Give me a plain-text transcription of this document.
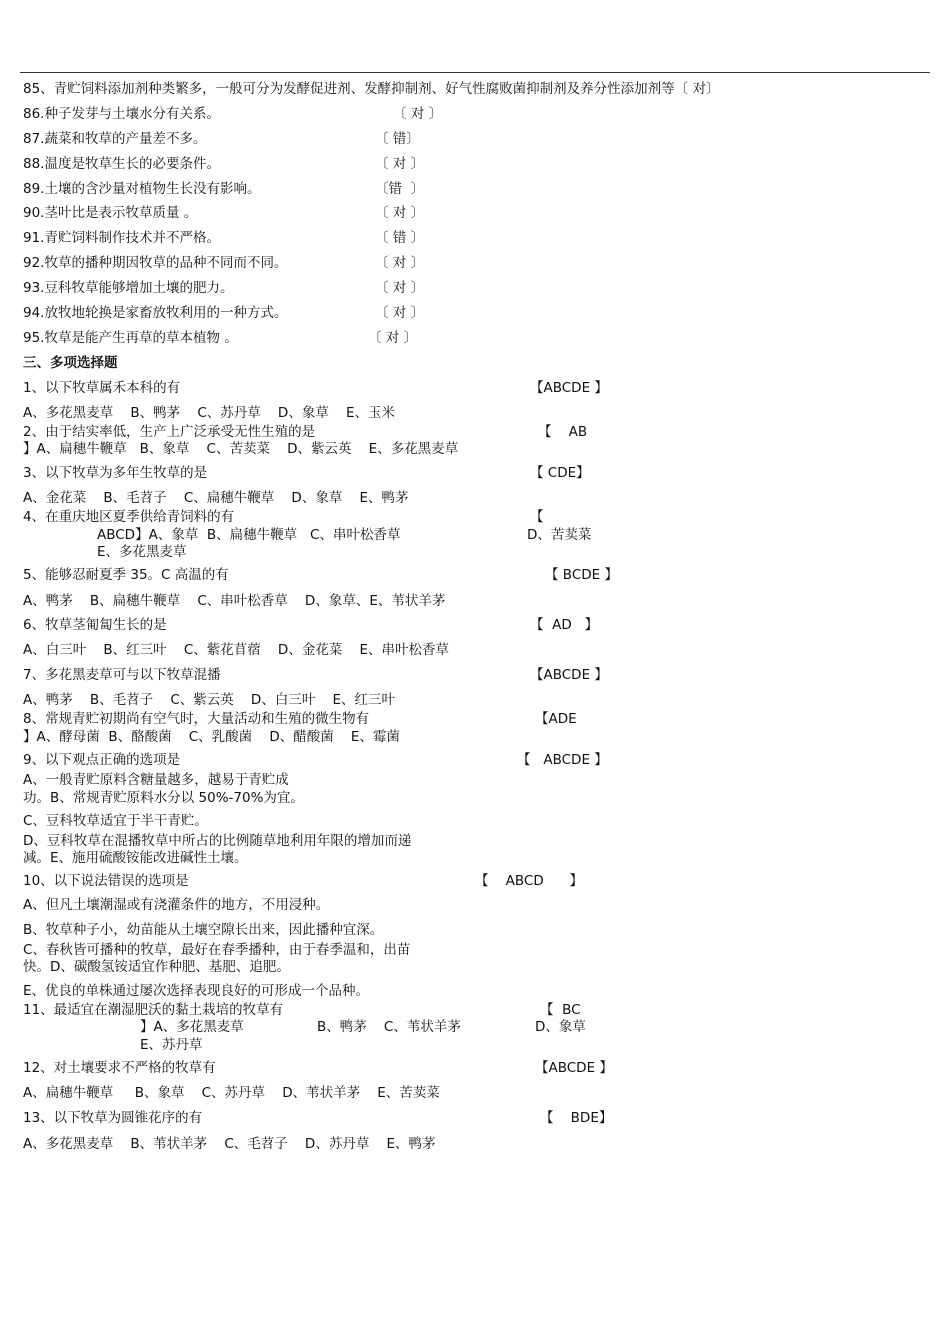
85、青贮饲料添加剂种类繁多，一般可分为发酵促进剂、发酵抑制剂、好气性腐败菌抑制剂及养分性添加剂等〔 对〕
86.种子发芽与土壤水分有关系。	〔 对 〕
87.蔬菜和牧草的产量差不多。	〔 错〕
88.温度是牧草生长的必要条件。	〔 对 〕
89.土壤的含沙量对植物生长没有影响。	〔错  〕
90.茎叶比是表示牧草质量 。	〔 对 〕
91.青贮饲料制作技术并不严格。	〔 错 〕
92.牧草的播种期因牧草的品种不同而不同。	〔 对 〕
93.豆科牧草能够增加土壤的肥力。	〔 对 〕
94.放牧地轮换是家畜放牧利用的一种方式。	〔 对 〕
95.牧草是能产生再草的草本植物 。	〔 对 〕
三、多项选择题
1、以下牧草属禾本科的有	【ABCDE 】
A、多花黑麦草    B、鸭茅    C、苏丹草    D、象草    E、玉米
2、由于结实率低，生产上广泛承受无性生殖的是	【    AB
】A、扁穗牛鞭草   B、象草    C、苦荬菜    D、紫云英    E、多花黑麦草
3、以下牧草为多年生牧草的是	【 CDE】
A、金花菜    B、毛苕子    C、扁穗牛鞭草    D、象草    E、鸭茅
4、在重庆地区夏季供给青饲料的有	【
ABCD】A、象草  B、扁穗牛鞭草   C、串叶松香草	D、苦荬菜
E、多花黑麦草
5、能够忍耐夏季 35。C 高温的有	【 BCDE 】
A、鸭茅    B、扁穗牛鞭草    C、串叶松香草    D、象草、E、苇状羊茅
6、牧草茎匍匐生长的是	【  AD   】
A、白三叶    B、红三叶    C、紫花苜蓿    D、金花菜    E、串叶松香草
7、多花黑麦草可与以下牧草混播	【ABCDE 】
A、鸭茅    B、毛苕子    C、紫云英    D、白三叶    E、红三叶
8、常规青贮初期尚有空气时，大量活动和生殖的微生物有	【ADE
】A、酵母菌  B、酪酸菌    C、乳酸菌    D、醋酸菌    E、霉菌
9、以下观点正确的选项是	【   ABCDE 】
A、一般青贮原料含糖量越多，越易于青贮成
功。B、常规青贮原料水分以 50%-70%为宜。
C、豆科牧草适宜于半干青贮。
D、豆科牧草在混播牧草中所占的比例随草地利用年限的增加而递
减。E、施用硫酸铵能改进碱性土壤。
10、以下说法错误的选项是	【    ABCD      】
A、但凡土壤潮湿或有浇灌条件的地方，不用浸种。
B、牧草种子小，幼苗能从土壤空隙长出来，因此播种宜深。
C、春秋皆可播种的牧草，最好在春季播种，由于春季温和，出苗
快。D、碳酸氢铵适宜作种肥、基肥、追肥。
E、优良的单株通过屡次选择表现良好的可形成一个品种。
11、最适宜在潮湿肥沃的黏土栽培的牧草有	【  BC
】A、多花黑麦草	B、鸭茅    C、苇状羊茅	D、象草
E、苏丹草
12、对土壤要求不严格的牧草有	【ABCDE 】
A、扁穗牛鞭草     B、象草    C、苏丹草    D、苇状羊茅    E、苦荬菜
13、以下牧草为圆锥花序的有	【    BDE】
A、多花黑麦草    B、苇状羊茅    C、毛苕子    D、苏丹草    E、鸭茅
